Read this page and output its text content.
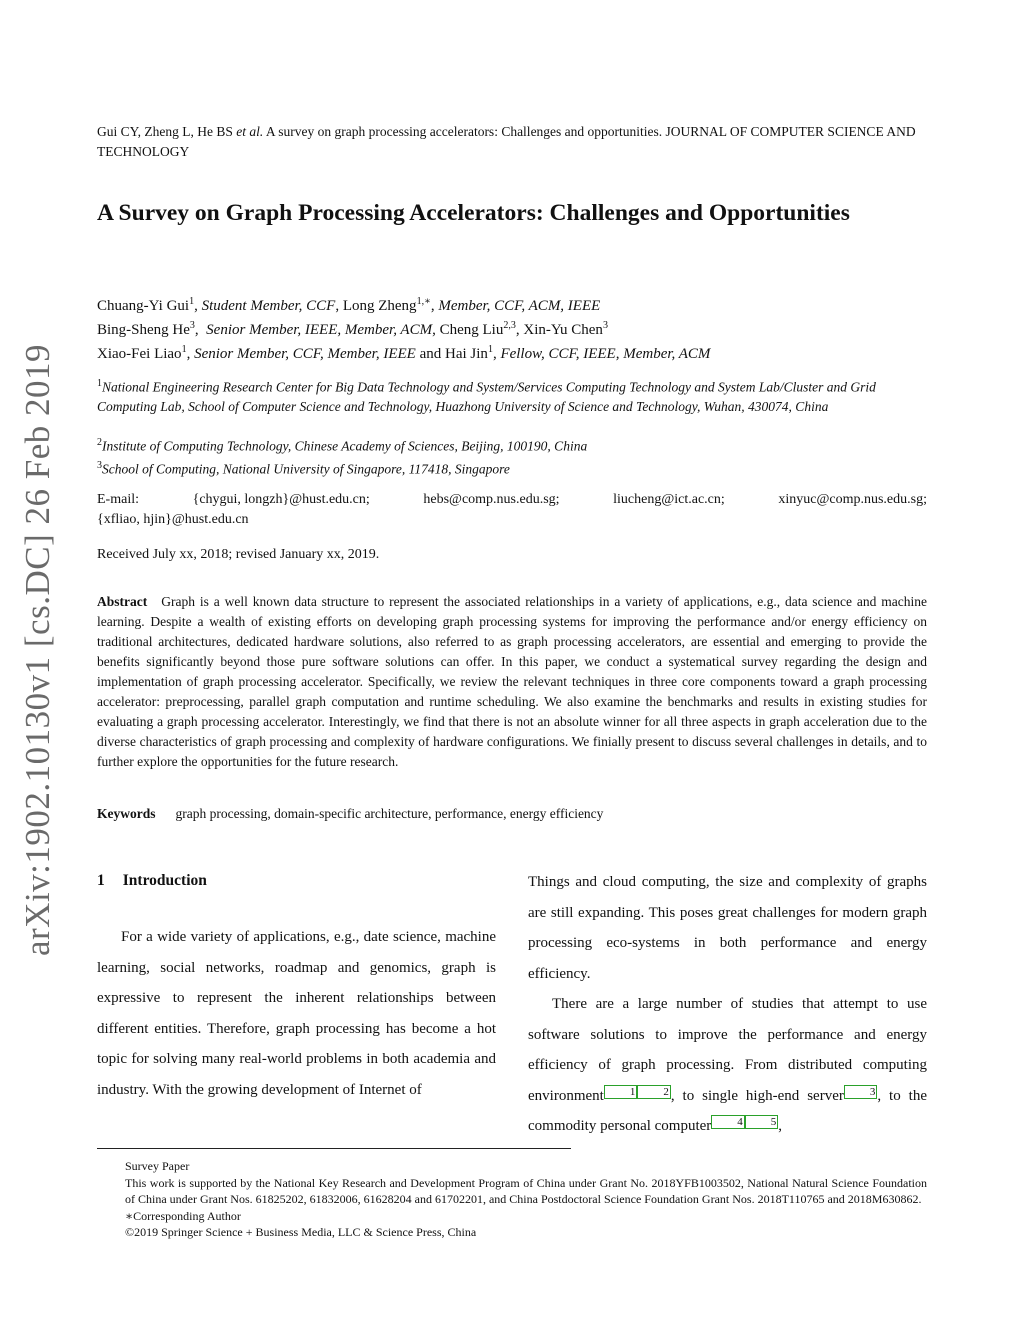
arXiv:1902.10130v1 [cs.DC] 26 Feb 2019
Gui CY, Zheng L, He BS et al. A survey on graph processing accelerators: Challenges and opportunities. JOURNAL OF COMPUTER SCIENCE AND TECHNOLOGY
A Survey on Graph Processing Accelerators: Challenges and Opportunities
Chuang-Yi Gui$^1$, Student Member, CCF, Long Zheng$^{1,∗}$, Member, CCF, ACM, IEEE
Bing-Sheng He$^3$,  Senior Member, IEEE, Member, ACM, Cheng Liu$^{2,3}$, Xin-Yu Chen$^3$
Xiao-Fei Liao$^1$, Senior Member, CCF, Member, IEEE and Hai Jin$^1$, Fellow, CCF, IEEE, Member, ACM
$^1$National Engineering Research Center for Big Data Technology and System/Services Computing Technology and System Lab/Cluster and Grid Computing Lab, School of Computer Science and Technology, Huazhong University of Science and Technology, Wuhan, 430074, China
$^2$Institute of Computing Technology, Chinese Academy of Sciences, Beijing, 100190, China
$^3$School of Computing, National University of Singapore, 117418, Singapore
E-mail:	{chygui, longzh}@hust.edu.cn;	hebs@comp.nus.edu.sg;	liucheng@ict.ac.cn;	xinyuc@comp.nus.edu.sg;
{xfliao, hjin}@hust.edu.cn
Received July xx, 2018; revised January xx, 2019.
Abstract Graph is a well known data structure to represent the associated relationships in a variety of applications, e.g., data science and machine learning. Despite a wealth of existing efforts on developing graph processing systems for improving the performance and/or energy efficiency on traditional architectures, dedicated hardware solutions, also referred to as graph processing accelerators, are essential and emerging to provide the benefits significantly beyond those pure software solutions can offer. In this paper, we conduct a systematical survey regarding the design and implementation of graph processing accelerator. Specifically, we review the relevant techniques in three core components toward a graph processing accelerator: preprocessing, parallel graph computation and runtime scheduling. We also examine the benchmarks and results in existing studies for evaluating a graph processing accelerator. Interestingly, we find that there is not an absolute winner for all three aspects in graph acceleration due to the diverse characteristics of graph processing and complexity of hardware configurations. We finially present to discuss several challenges in details, and to further explore the opportunities for the future research.
Keywords graph processing, domain-specific architecture, performance, energy efficiency
1 Introduction
For a wide variety of applications, e.g., date science, machine learning, social networks, roadmap and genomics, graph is expressive to represent the inherent relationships between different entities. Therefore, graph processing has become a hot topic for solving many real-world problems in both academia and industry. With the growing development of Internet of

Things and cloud computing, the size and complexity of graphs are still expanding. This poses great challenges for modern graph processing eco-systems in both performance and energy efficiency.

There are a large number of studies that attempt to use software solutions to improve the performance and energy efficiency of graph processing. From distributed computing environment 1	2 , to single high-end server 3 , to the commodity personal computer 4	5 ,

Survey Paper

This work is supported by the National Key Research and Development Program of China under Grant No. 2018YFB1003502, National Natural Science Foundation of China under Grant Nos. 61825202, 61832006, 61628204 and 61702201, and China Postdoctoral Science Foundation Grant Nos. 2018T110765 and 2018M630862.

∗Corresponding Author

©2019 Springer Science + Business Media, LLC & Science Press, China
